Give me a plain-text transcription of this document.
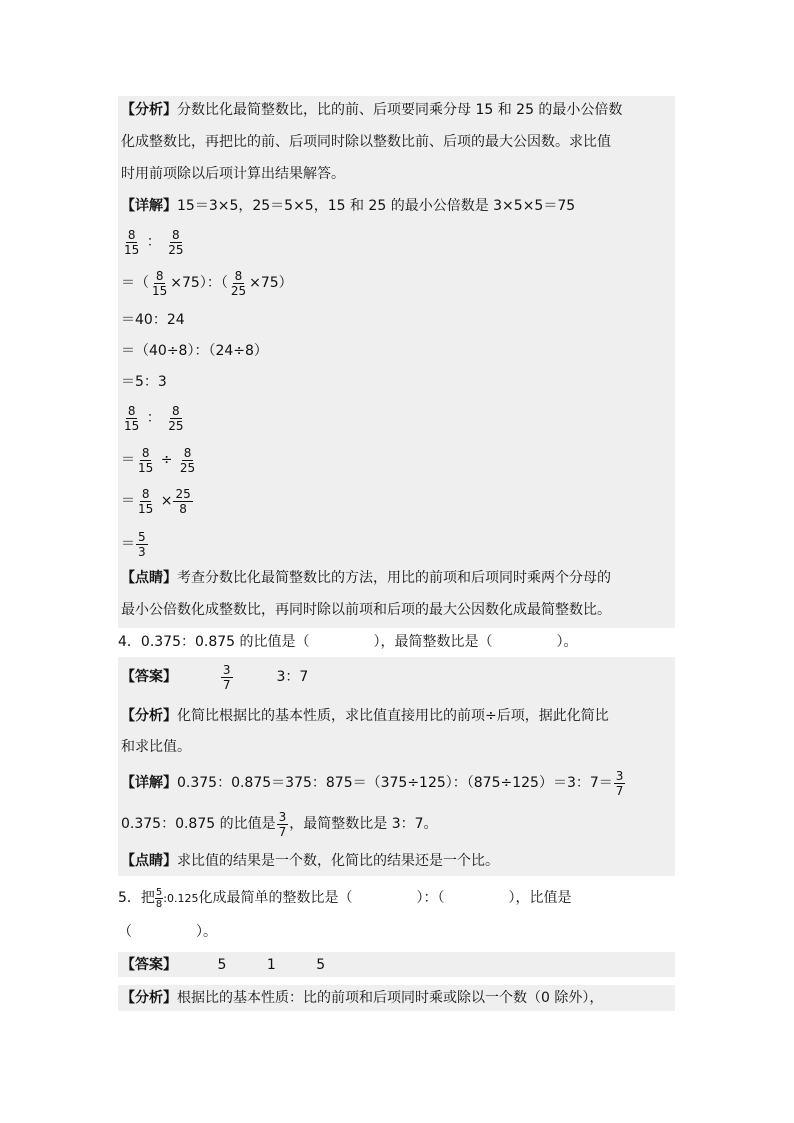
【分析】分数比化最简整数比，比的前、后项要同乘分母 15 和 25 的最小公倍数
化成整数比，再把比的前、后项同时除以整数比前、后项的最大公因数。求比值
时用前项除以后项计算出结果解答。
【详解】15＝3×5，25＝5×5，15 和 25 的最小公倍数是 3×5×5＝75
$\frac{8}{15}$ ： $\frac{8}{25}$
＝（ $\frac{8}{15} \times 75$）：（ $\frac{8}{25} \times 75$）
＝40：24
＝（40÷8）：（24÷8）
＝5：3
$\frac{8}{15}$ ： $\frac{8}{25}$
＝ $\frac{8}{15} \div \frac{8}{25}$
＝ $\frac{8}{15} \times \frac{25}{8}$
＝ $\frac{5}{3}$
【点睛】考查分数比化最简整数比的方法，用比的前项和后项同时乘两个分母的
最小公倍数化成整数比，再同时除以前项和后项的最大公因数化成最简整数比。
4．0.375：0.875 的比值是（	），最简整数比是（	）。
【答案】	$\frac{3}{7}$	3：7
【分析】化简比根据比的基本性质，求比值直接用比的前项÷后项，据此化简比
和求比值。
【详解】0.375：0.875＝375：875＝（375÷125）：（875÷125）＝3：$7= \frac{3}{7}$
0.375：0.875 的比值是 $\frac{3}{7}$ ，最简整数比是 3：7。
【点睛】求比值的结果是一个数，化简比的结果还是一个比。
5．把 $\frac{5}{8}$ :0.125化成最简单的整数比是（	）：（	），比值是
（	）。
【答案】	5	1	5
【分析】根据比的基本性质：比的前项和后项同时乘或除以一个数（0 除外），
